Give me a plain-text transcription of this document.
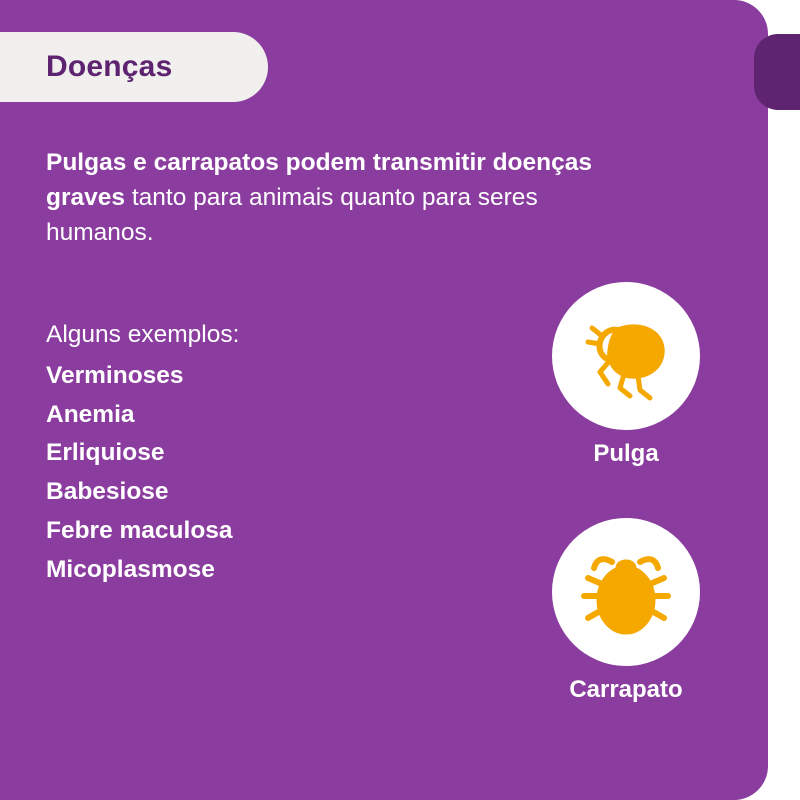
Doenças
Pulgas e carrapatos podem transmitir doenças graves tanto para animais quanto para seres humanos.
Alguns exemplos:
Verminoses
Anemia
Erliquiose
Babesiose
Febre maculosa
Micoplasmose
Pulga
Carrapato
